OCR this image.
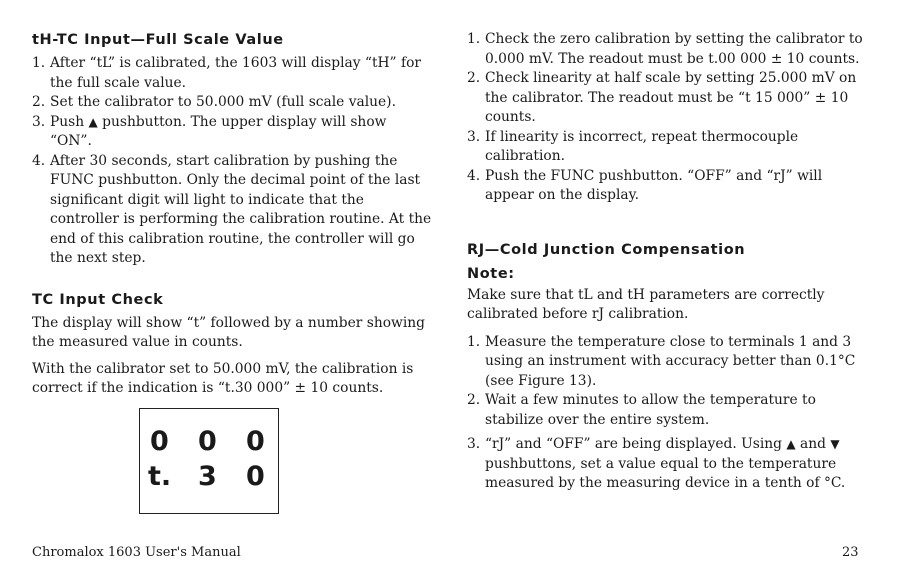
tH-TC Input—Full Scale Value
1. After “tL” is calibrated, the 1603 will display “tH” for the full scale value.
2. Set the calibrator to 50.000 mV (full scale value).
3. Push ▲ pushbutton. The upper display will show “ON”.
4. After 30 seconds, start calibration by pushing the FUNC pushbutton. Only the decimal point of the last significant digit will light to indicate that the controller is performing the calibration routine. At the end of this calibration routine, the controller will go the next step.
TC Input Check

The display will show “t” followed by a number showing the measured value in counts.

With the calibrator set to 50.000 mV, the calibration is correct if the indication is “t.30 000” ± 10 counts.

0 0 0
t. 3 0
1. Check the zero calibration by setting the calibrator to 0.000 mV. The readout must be t.00 000 ± 10 counts.
2. Check linearity at half scale by setting 25.000 mV on the calibrator. The readout must be “t 15 000” ± 10 counts.
3. If linearity is incorrect, repeat thermocouple calibration.
4. Push the FUNC pushbutton. “OFF” and “rJ” will appear on the display.
RJ—Cold Junction Compensation
Note:

Make sure that tL and tH parameters are correctly calibrated before rJ calibration.

1. Measure the temperature close to terminals 1 and 3 using an instrument with accuracy better than 0.1°C (see Figure 13).
2. Wait a few minutes to allow the temperature to stabilize over the entire system.
3. “rJ” and “OFF” are being displayed. Using ▲ and ▼ pushbuttons, set a value equal to the temperature measured by the measuring device in a tenth of °C.
Chromalox 1603 User's Manual	23
